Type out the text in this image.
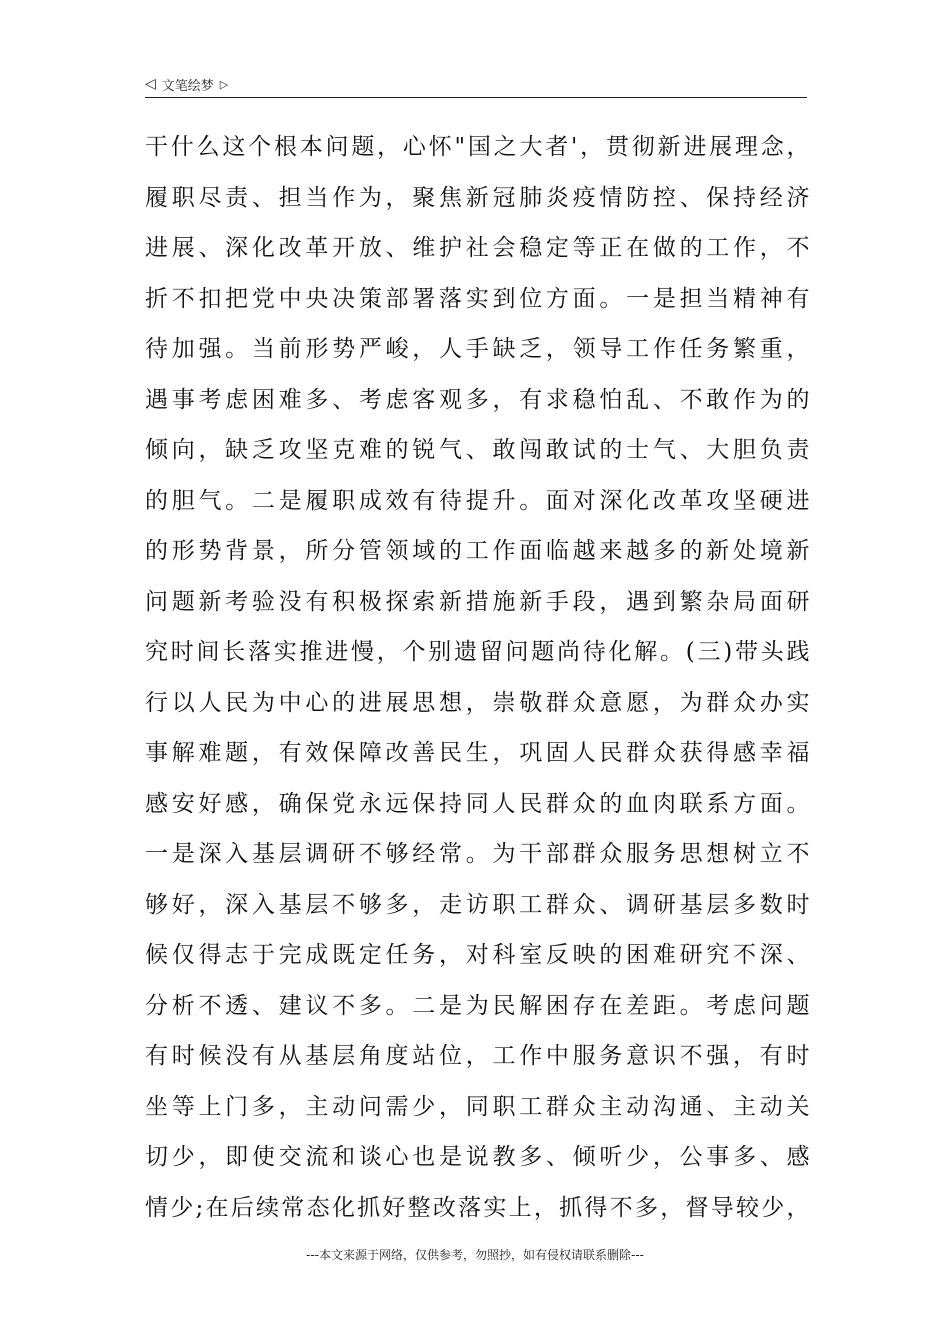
◁ 文笔绘梦 ▷
干什么这个根本问题，心怀"国之大者'，贯彻新进展理念，
履职尽责、担当作为，聚焦新冠肺炎疫情防控、保持经济
进展、深化改革开放、维护社会稳定等正在做的工作，不
折不扣把党中央决策部署落实到位方面。一是担当精神有
待加强。当前形势严峻，人手缺乏，领导工作任务繁重，
遇事考虑困难多、考虑客观多，有求稳怕乱、不敢作为的
倾向，缺乏攻坚克难的锐气、敢闯敢试的士气、大胆负责
的胆气。二是履职成效有待提升。面对深化改革攻坚硬进
的形势背景，所分管领域的工作面临越来越多的新处境新
问题新考验没有积极探索新措施新手段，遇到繁杂局面研
究时间长落实推进慢，个别遗留问题尚待化解。(三)带头践
行以人民为中心的进展思想，崇敬群众意愿，为群众办实
事解难题，有效保障改善民生，巩固人民群众获得感幸福
感安好感，确保党永远保持同人民群众的血肉联系方面。
一是深入基层调研不够经常。为干部群众服务思想树立不
够好，深入基层不够多，走访职工群众、调研基层多数时
候仅得志于完成既定任务，对科室反映的困难研究不深、
分析不透、建议不多。二是为民解困存在差距。考虑问题
有时候没有从基层角度站位，工作中服务意识不强，有时
坐等上门多，主动问需少，同职工群众主动沟通、主动关
切少，即使交流和谈心也是说教多、倾听少，公事多、感
情少;在后续常态化抓好整改落实上，抓得不多，督导较少，
---本文来源于网络，仅供参考，勿照抄，如有侵权请联系删除---
